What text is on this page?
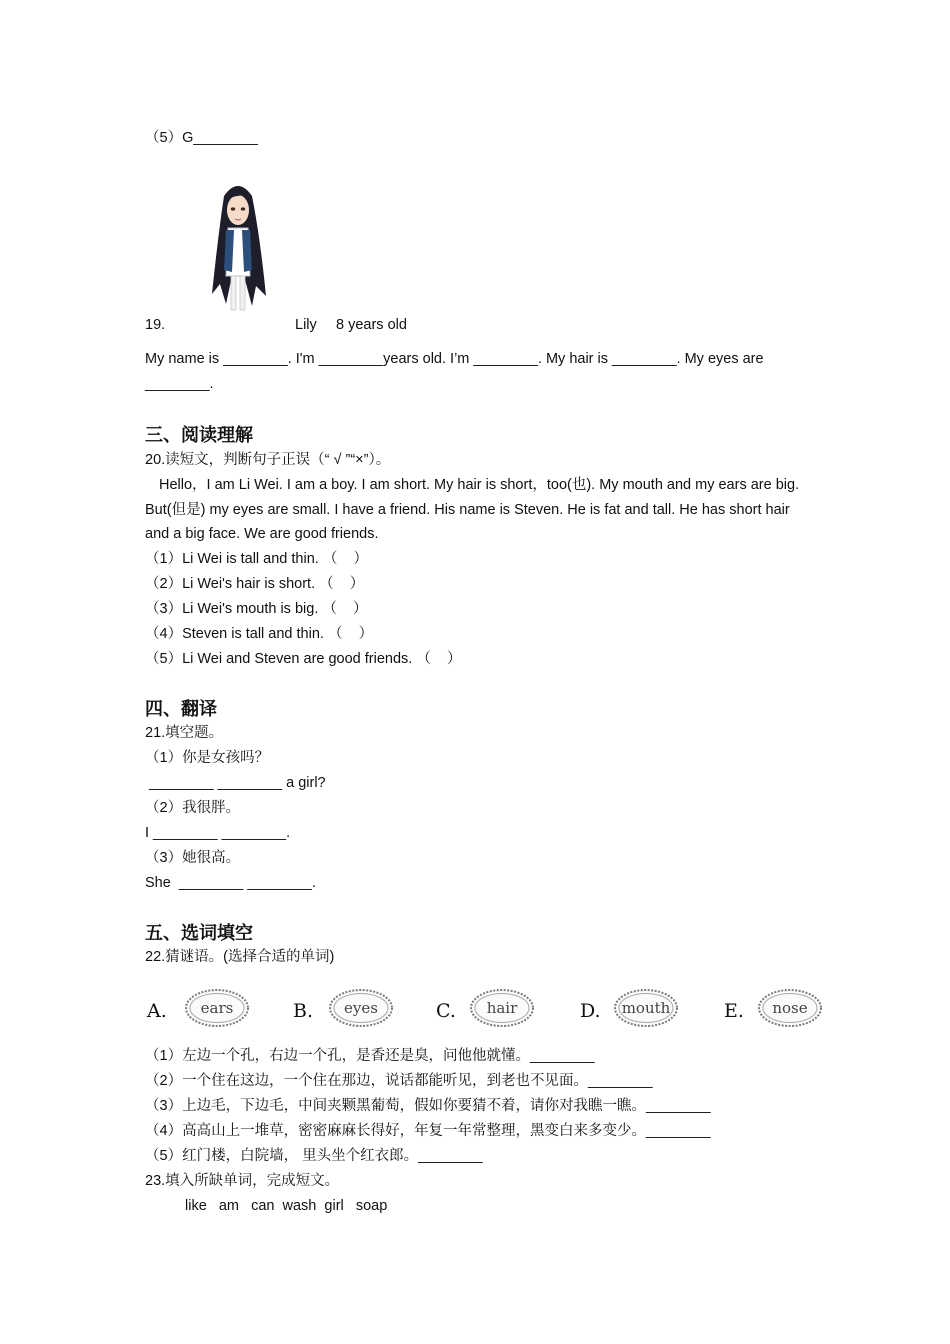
（5）G________
19.	Lily 8 years old
My name is ________. I'm ________years old. I’m ________. My hair is ________. My eyes are ________.
三、阅读理解
20.读短文，判断句子正误（“ √ ”“×”）。
Hello，I am Li Wei. I am a boy. I am short. My hair is short，too(也). My mouth and my ears are big. But(但是) my eyes are small. I have a friend. His name is Steven. He is fat and tall. He has short hair and a big face. We are good friends.
（1）Li Wei is tall and thin. （    ）
（2）Li Wei's hair is short. （    ）
（3）Li Wei's mouth is big. （    ）
（4）Steven is tall and thin. （    ）
（5）Li Wei and Steven are good friends. （    ）
四、翻译
21.填空题。
（1）你是女孩吗？
________ ________ a girl?
（2）我很胖。
I ________ ________.
（3）她很高。
She  ________ ________.
五、选词填空
22.猜谜语。(选择合适的单词)
A. ears	B. eyes	C. hair	D. mouth	E. nose
（1）左边一个孔，右边一个孔，是香还是臭，问他他就懂。________
（2）一个住在这边，一个住在那边，说话都能听见，到老也不见面。________
（3）上边毛，下边毛，中间夹颗黑葡萄，假如你要猜不着，请你对我瞧一瞧。________
（4）高高山上一堆草，密密麻麻长得好，年复一年常整理，黑变白来多变少。________
（5）红门楼，白院墙， 里头坐个红衣郎。________
23.填入所缺单词，完成短文。
like   am   can  wash  girl   soap
